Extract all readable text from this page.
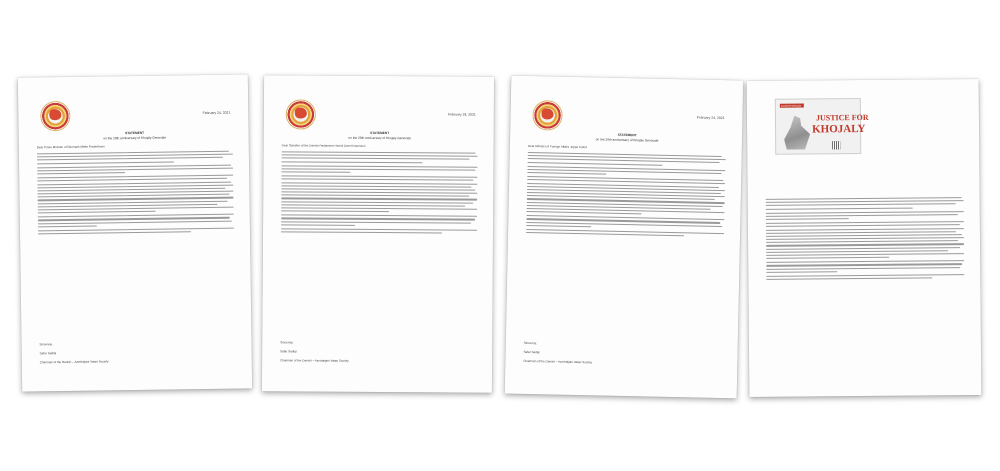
February 24, 2021
STATEMENT
on the 29th anniversary of Khojaly Genocide
Dear Prime Minister of Denmark Mette Frederiksen
Sincerely,
Safar Sadiqi
Chairman of the Danish – Azerbaijani Vatan Society
February 24, 2021
STATEMENT
on the 29th anniversary of Khojaly Genocide
Dear Speaker of the Danish Parliament Henrik Dam Kristensen
Sincerely,
Safar Sadiqi
Chairman of the Danish – Azerbaijani Vatan Society
February 24, 2021
STATEMENT
on the 29th anniversary of Khojaly Genocide
Dear Minister of Foreign Affairs Jeppe Kofod
Sincerely,
Safar Sadiqi
Chairman of the Danish – Azerbaijani Vatan Society
#JusticeForKhojaly
JUSTICE FOR
KHOJALY
